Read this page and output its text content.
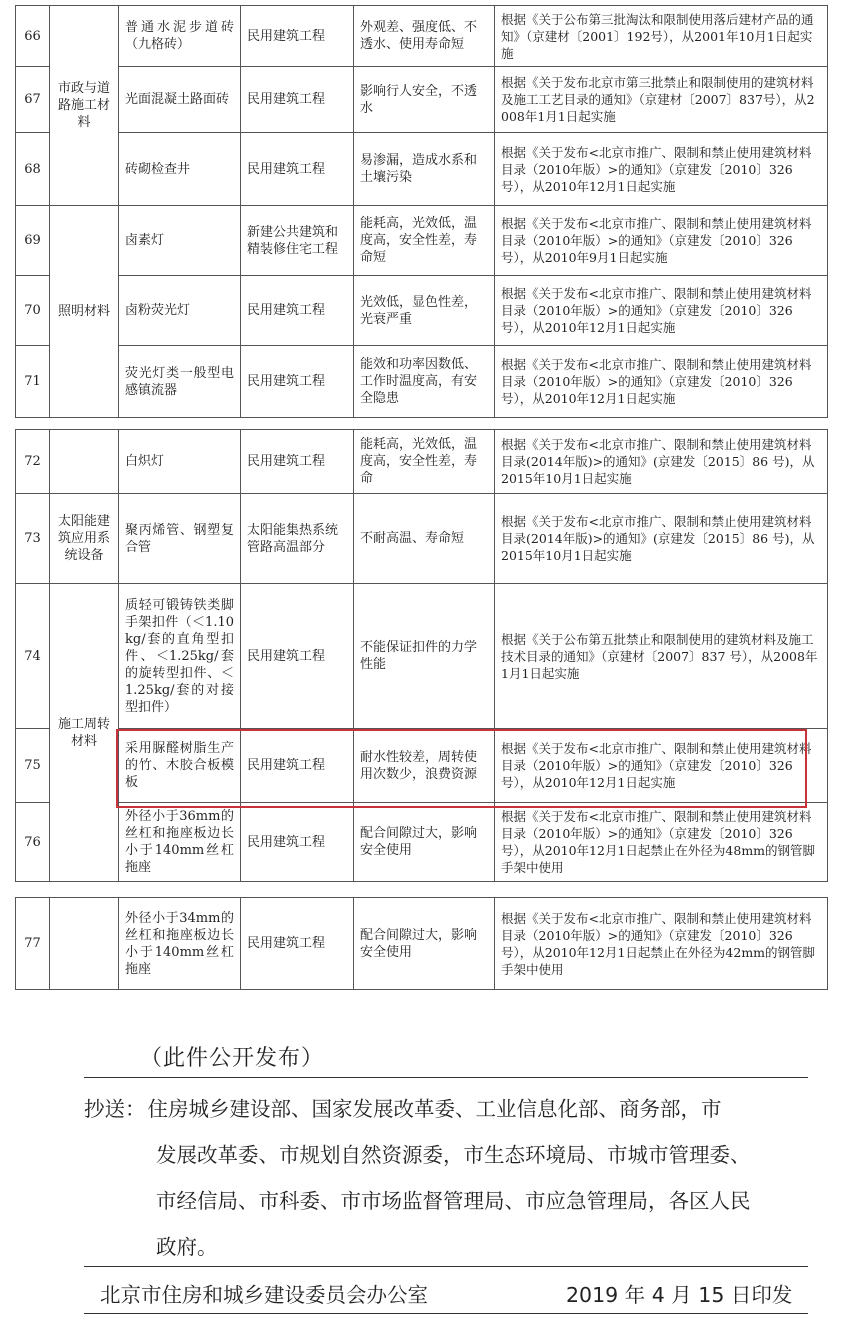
66	市政与道路施工材料	普通水泥步道砖（九格砖）	民用建筑工程	外观差、强度低、不透水、使用寿命短	根据《关于公布第三批淘汰和限制使用落后建材产品的通知》（京建材〔2001〕192号），从2001年10月1日起实施
67		光面混凝土路面砖	民用建筑工程	影响行人安全，不透水	根据《关于发布北京市第三批禁止和限制使用的建筑材料及施工工艺目录的通知》（京建材〔2007〕837号），从2008年1月1日起实施
68		砖砌检查井	民用建筑工程	易渗漏，造成水系和土壤污染	根据《关于发布<北京市推广、限制和禁止使用建筑材料目录（2010年版）>的通知》（京建发〔2010〕326号），从2010年12月1日起实施
69	照明材料	卤素灯	新建公共建筑和精装修住宅工程	能耗高，光效低，温度高，安全性差，寿命短	根据《关于发布<北京市推广、限制和禁止使用建筑材料目录（2010年版）>的通知》（京建发〔2010〕326号），从2010年9月1日起实施
70		卤粉荧光灯	民用建筑工程	光效低，显色性差，光衰严重	根据《关于发布<北京市推广、限制和禁止使用建筑材料目录（2010年版）>的通知》（京建发〔2010〕326号），从2010年12月1日起实施
71		荧光灯类一般型电感镇流器	民用建筑工程	能效和功率因数低、工作时温度高，有安全隐患	根据《关于发布<北京市推广、限制和禁止使用建筑材料目录（2010年版）>的通知》（京建发〔2010〕326号），从2010年12月1日起实施
72		白炽灯	民用建筑工程	能耗高，光效低，温度高，安全性差，寿命	根据《关于发布<北京市推广、限制和禁止使用建筑材料目录(2014年版)>的通知》(京建发〔2015〕86 号)，从2015年10月1日起实施
73	太阳能建筑应用系统设备	聚丙烯管、钢塑复合管	太阳能集热系统管路高温部分	不耐高温、寿命短	根据《关于发布<北京市推广、限制和禁止使用建筑材料目录(2014年版)>的通知》(京建发〔2015〕86 号)，从2015年10月1日起实施
74	施工周转材料	质轻可锻铸铁类脚手架扣件（＜1.10kg/套的直角型扣件、＜1.25kg/套的旋转型扣件、＜1.25kg/套的对接型扣件）	民用建筑工程	不能保证扣件的力学性能	根据《关于公布第五批禁止和限制使用的建筑材料及施工技术目录的通知》（京建材〔2007〕837 号），从2008年1月1日起实施
75		采用脲醛树脂生产的竹、木胶合板模板	民用建筑工程	耐水性较差，周转使用次数少，浪费资源	根据《关于发布<北京市推广、限制和禁止使用建筑材料目录（2010年版）>的通知》（京建发〔2010〕326号），从2010年12月1日起实施
76		外径小于36mm的丝杠和拖座板边长小于140mm丝杠拖座	民用建筑工程	配合间隙过大，影响安全使用	根据《关于发布<北京市推广、限制和禁止使用建筑材料目录（2010年版）>的通知》（京建发〔2010〕326号），从2010年12月1日起禁止在外径为48mm的钢管脚手架中使用
77		外径小于34mm的丝杠和拖座板边长小于140mm丝杠拖座	民用建筑工程	配合间隙过大，影响安全使用	根据《关于发布<北京市推广、限制和禁止使用建筑材料目录（2010年版）>的通知》（京建发〔2010〕326号），从2010年12月1日起禁止在外径为42mm的钢管脚手架中使用
（此件公开发布）
抄送：住房城乡建设部、国家发展改革委、工业信息化部、商务部，市
发展改革委、市规划自然资源委，市生态环境局、市城市管理委、
市经信局、市科委、市市场监督管理局、市应急管理局，各区人民
政府。
北京市住房和城乡建设委员会办公室	2019 年 4 月 15 日印发
